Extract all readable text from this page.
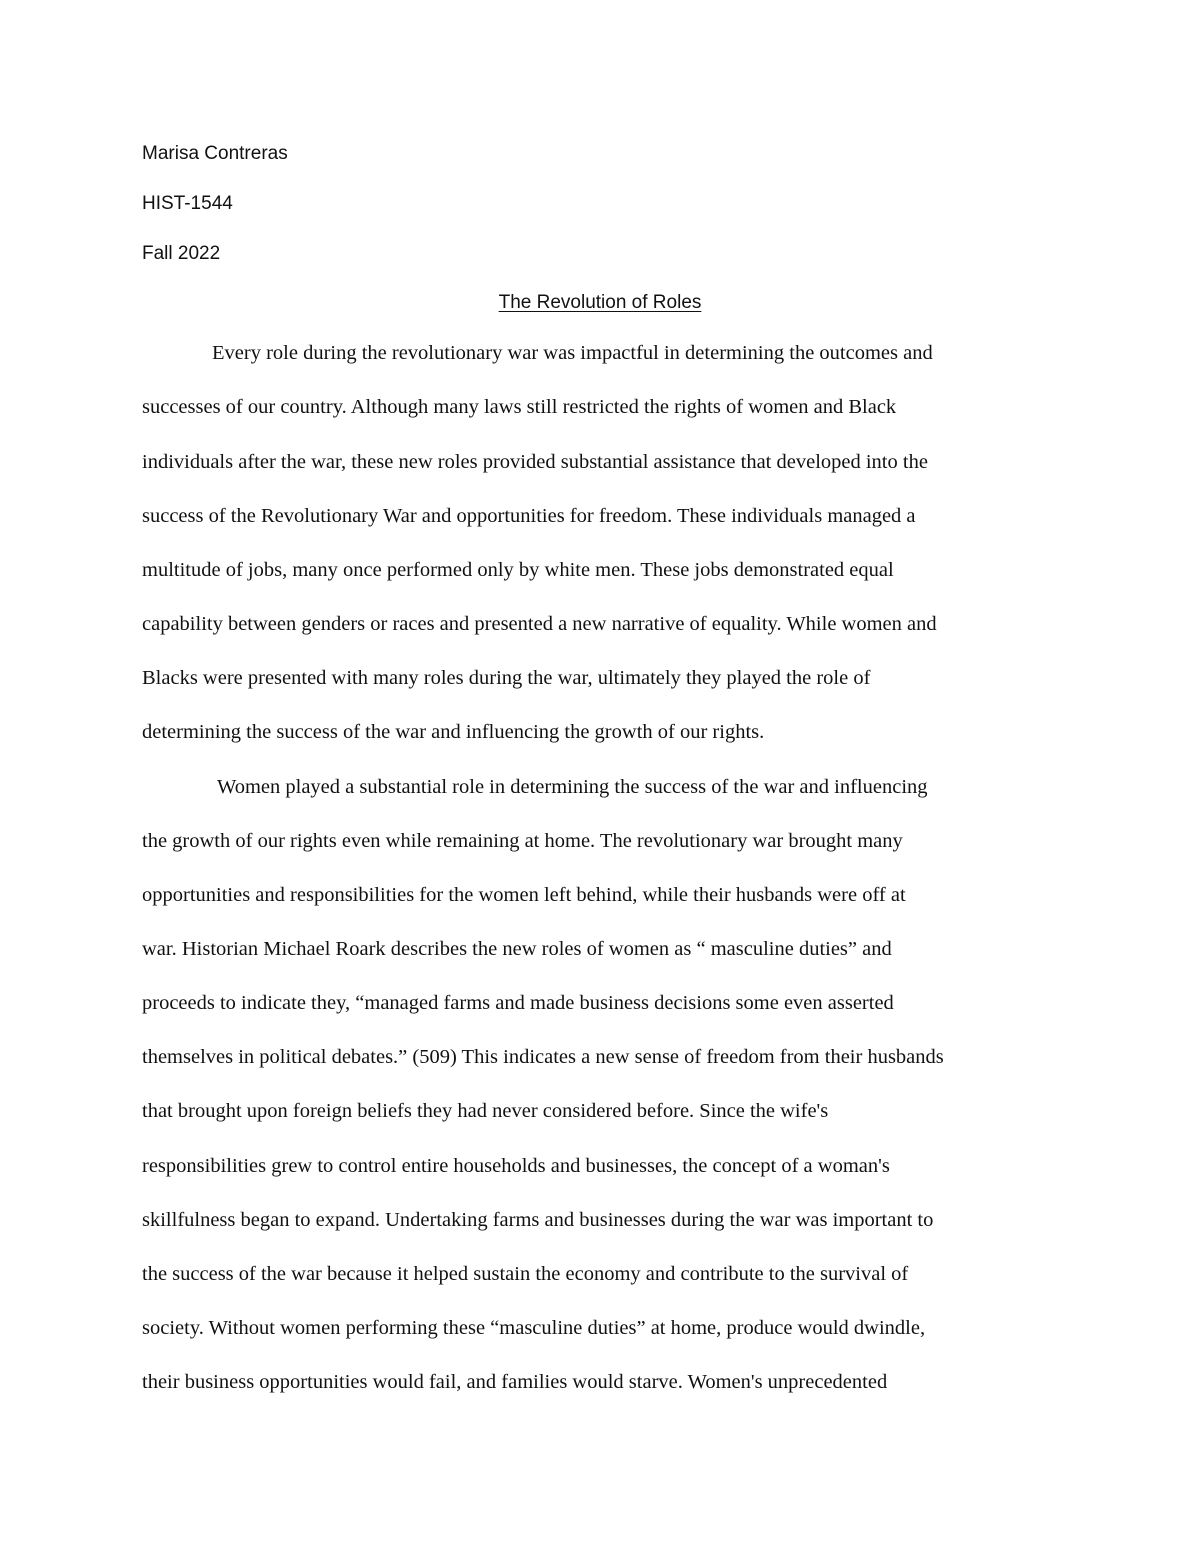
Marisa Contreras
HIST-1544
Fall 2022
The Revolution of Roles
Every role during the revolutionary war was impactful in determining the outcomes and
successes of our country. Although many laws still restricted the rights of women and Black
individuals after the war, these new roles provided substantial assistance that developed into the
success of the Revolutionary War and opportunities for freedom. These individuals managed a
multitude of jobs, many once performed only by white men. These jobs demonstrated equal
capability between genders or races and presented a new narrative of equality. While women and
Blacks were presented with many roles during the war, ultimately they played the role of
determining the success of the war and influencing the growth of our rights.
Women played a substantial role in determining the success of the war and influencing
the growth of our rights even while remaining at home. The revolutionary war brought many
opportunities and responsibilities for the women left behind, while their husbands were off at
war. Historian Michael Roark describes the new roles of women as “ masculine duties” and
proceeds to indicate they, “managed farms and made business decisions some even asserted
themselves in political debates.” (509) This indicates a new sense of freedom from their husbands
that brought upon foreign beliefs they had never considered before. Since the wife's
responsibilities grew to control entire households and businesses, the concept of a woman's
skillfulness began to expand. Undertaking farms and businesses during the war was important to
the success of the war because it helped sustain the economy and contribute to the survival of
society. Without women performing these “masculine duties” at home, produce would dwindle,
their business opportunities would fail, and families would starve. Women's unprecedented
